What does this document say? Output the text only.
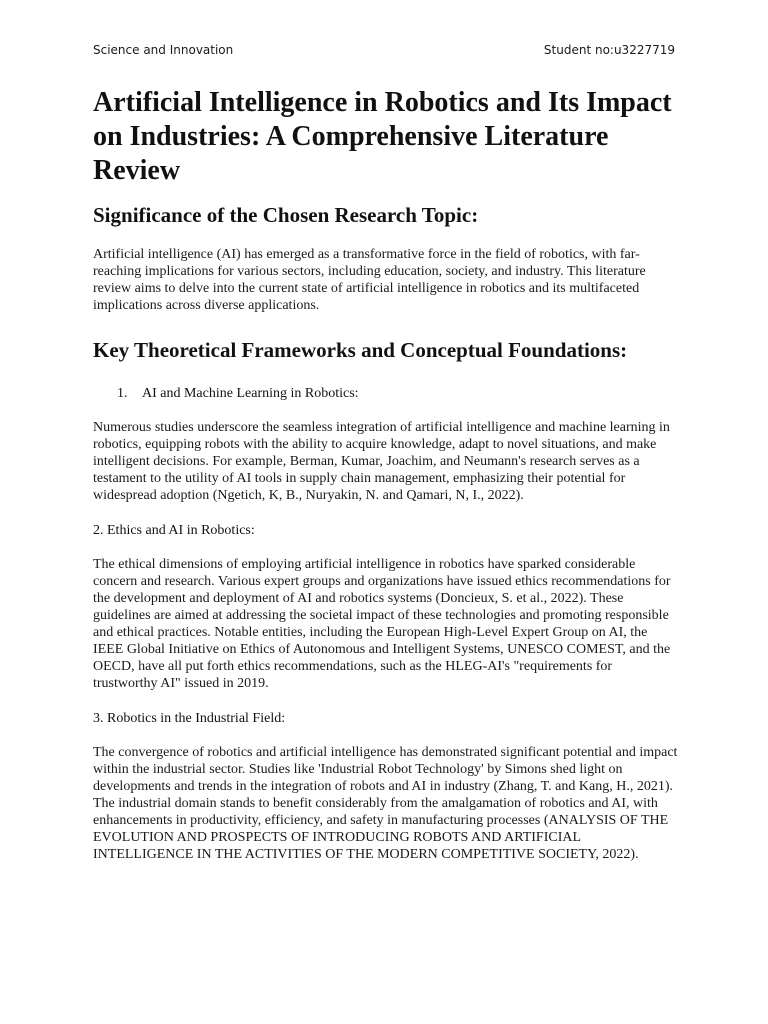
Science and Innovation	Student no:u3227719
Artificial Intelligence in Robotics and Its Impact on Industries: A Comprehensive Literature Review
Significance of the Chosen Research Topic:

Artificial intelligence (AI) has emerged as a transformative force in the field of robotics, with far-reaching implications for various sectors, including education, society, and industry. This literature review aims to delve into the current state of artificial intelligence in robotics and its multifaceted implications across diverse applications.

Key Theoretical Frameworks and Conceptual Foundations:
1. AI and Machine Learning in Robotics:

Numerous studies underscore the seamless integration of artificial intelligence and machine learning in robotics, equipping robots with the ability to acquire knowledge, adapt to novel situations, and make intelligent decisions. For example, Berman, Kumar, Joachim, and Neumann's research serves as a testament to the utility of AI tools in supply chain management, emphasizing their potential for widespread adoption (Ngetich, K, B., Nuryakin, N. and Qamari, N, I., 2022).

2. Ethics and AI in Robotics:

The ethical dimensions of employing artificial intelligence in robotics have sparked considerable concern and research. Various expert groups and organizations have issued ethics recommendations for the development and deployment of AI and robotics systems (Doncieux, S. et al., 2022). These guidelines are aimed at addressing the societal impact of these technologies and promoting responsible and ethical practices. Notable entities, including the European High-Level Expert Group on AI, the IEEE Global Initiative on Ethics of Autonomous and Intelligent Systems, UNESCO COMEST, and the OECD, have all put forth ethics recommendations, such as the HLEG-AI's "requirements for trustworthy AI" issued in 2019.

3. Robotics in the Industrial Field:

The convergence of robotics and artificial intelligence has demonstrated significant potential and impact within the industrial sector. Studies like 'Industrial Robot Technology' by Simons shed light on developments and trends in the integration of robots and AI in industry (Zhang, T. and Kang, H., 2021). The industrial domain stands to benefit considerably from the amalgamation of robotics and AI, with enhancements in productivity, efficiency, and safety in manufacturing processes (ANALYSIS OF THE EVOLUTION AND PROSPECTS OF INTRODUCING ROBOTS AND ARTIFICIAL INTELLIGENCE IN THE ACTIVITIES OF THE MODERN COMPETITIVE SOCIETY, 2022).
